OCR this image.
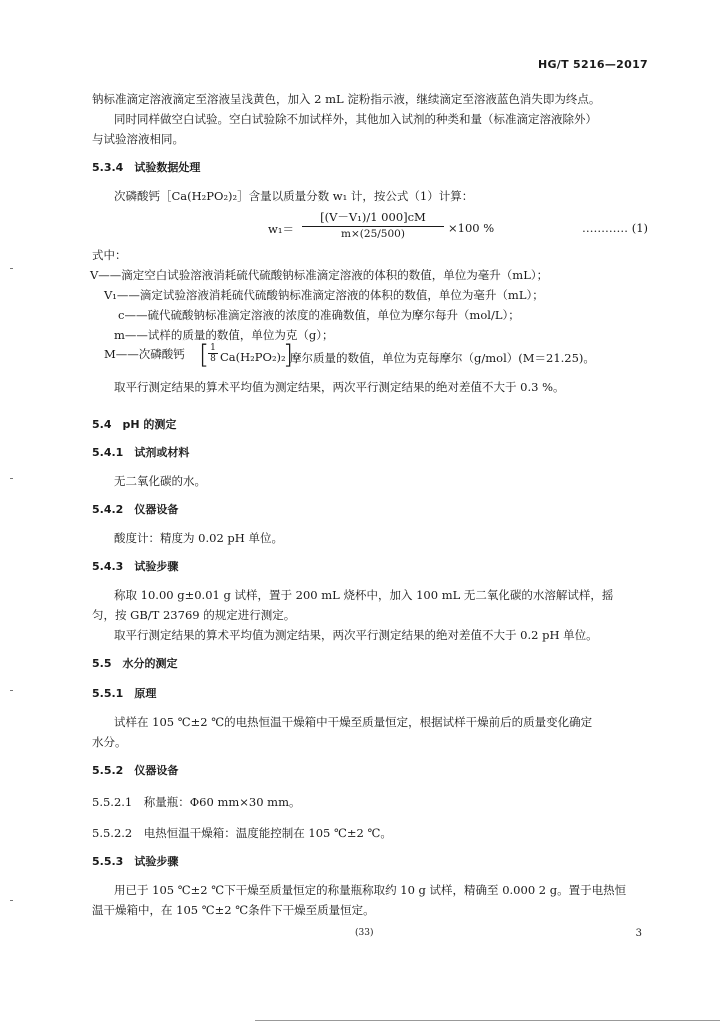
HG/T 5216—2017
钠标准滴定溶液滴定至溶液呈浅黄色，加入 2 mL 淀粉指示液，继续滴定至溶液蓝色消失即为终点。
同时同样做空白试验。空白试验除不加试样外，其他加入试剂的种类和量（标准滴定溶液除外）
与试验溶液相同。
5.3.4　试验数据处理
次磷酸钙［Ca(H₂PO₂)₂］含量以质量分数 w₁ 计，按公式（1）计算：
$w_1= \frac{\text{[(V－V₁)/1 000]cM}}{m\times(25/500)} \times 100$ %	………… (1)
式中：
V——滴定空白试验溶液消耗硫代硫酸钠标准滴定溶液的体积的数值，单位为毫升（mL）；
V₁——滴定试验溶液消耗硫代硫酸钠标准滴定溶液的体积的数值，单位为毫升（mL）；
c——硫代硫酸钠标准滴定溶液的浓度的准确数值，单位为摩尔每升（mol/L）；
m——试样的质量的数值，单位为克（g）；
M——次磷酸钙 [
$\frac{1}{8} Ca(H_2PO_2)_2$
]
摩尔质量的数值，单位为克每摩尔（g/mol）(M＝21.25)。
取平行测定结果的算术平均值为测定结果，两次平行测定结果的绝对差值不大于 0.3 %。
5.4　pH 的测定
5.4.1　试剂或材料
无二氧化碳的水。
5.4.2　仪器设备
酸度计：精度为 0.02 pH 单位。
5.4.3　试验步骤
称取 10.00 g±0.01 g 试样，置于 200 mL 烧杯中，加入 100 mL 无二氧化碳的水溶解试样，摇
匀，按 GB/T 23769 的规定进行测定。
取平行测定结果的算术平均值为测定结果，两次平行测定结果的绝对差值不大于 0.2 pH 单位。
5.5　水分的测定
5.5.1　原理
试样在 105 ℃±2 ℃的电热恒温干燥箱中干燥至质量恒定，根据试样干燥前后的质量变化确定
水分。
5.5.2　仪器设备
5.5.2.1　称量瓶：Φ60 mm×30 mm。
5.5.2.2　电热恒温干燥箱：温度能控制在 105 ℃±2 ℃。
5.5.3　试验步骤
用已于 105 ℃±2 ℃下干燥至质量恒定的称量瓶称取约 10 g 试样，精确至 0.000 2 g。置于电热恒
温干燥箱中，在 105 ℃±2 ℃条件下干燥至质量恒定。
(33)	3
